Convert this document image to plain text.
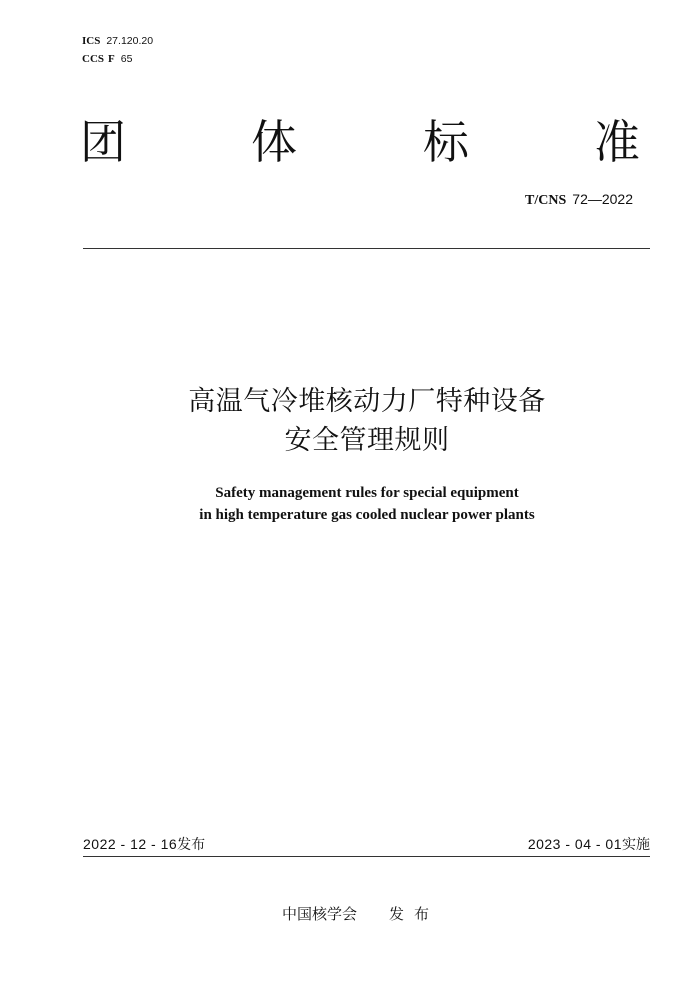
ICS 27.120.20
CCS F 65
团	体	标	准
T/CNS 72—2022
高温气冷堆核动力厂特种设备
安全管理规则
Safety management rules for special equipment
in high temperature gas cooled nuclear power plants
2022 - 12 - 16发布	2023 - 04 - 01实施
中国核学会 发布
